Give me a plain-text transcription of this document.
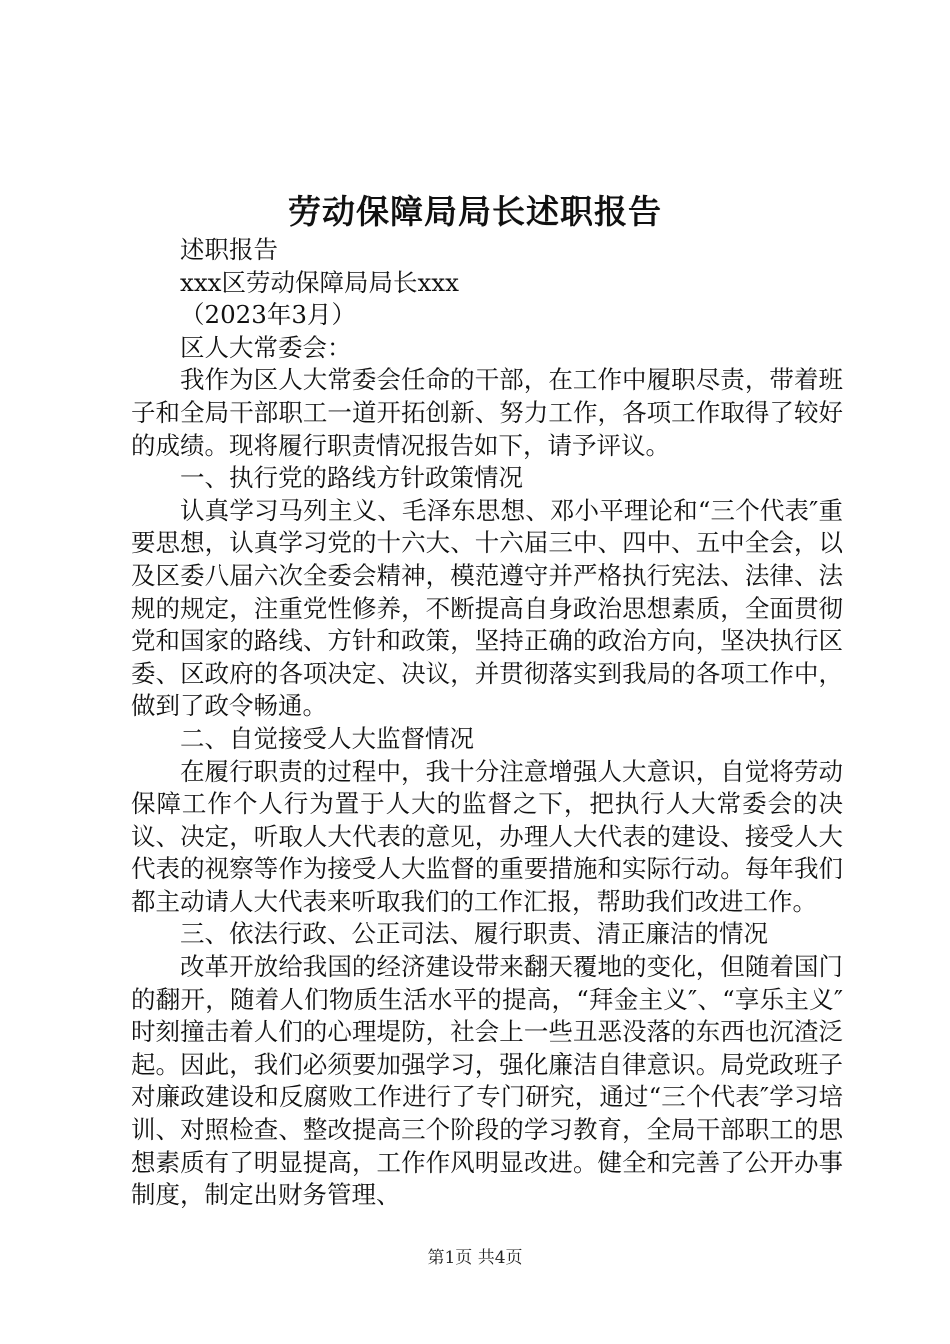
劳动保障局局长述职报告

述职报告

xxx区劳动保障局局长xxx

（2023年3月）

区人大常委会：

我作为区人大常委会任命的干部，在工作中履职尽责，带着班子和全局干部职工一道开拓创新、努力工作，各项工作取得了较好的成绩。现将履行职责情况报告如下，请予评议。

一、执行党的路线方针政策情况

认真学习马列主义、毛泽东思想、邓小平理论和“三个代表″重要思想，认真学习党的十六大、十六届三中、四中、五中全会，以及区委八届六次全委会精神，模范遵守并严格执行宪法、法律、法规的规定，注重党性修养，不断提高自身政治思想素质，全面贯彻党和国家的路线、方针和政策，坚持正确的政治方向，坚决执行区委、区政府的各项决定、决议，并贯彻落实到我局的各项工作中，做到了政令畅通。

二、自觉接受人大监督情况

在履行职责的过程中，我十分注意增强人大意识，自觉将劳动保障工作个人行为置于人大的监督之下，把执行人大常委会的决议、决定，听取人大代表的意见，办理人大代表的建设、接受人大代表的视察等作为接受人大监督的重要措施和实际行动。每年我们都主动请人大代表来听取我们的工作汇报，帮助我们改进工作。

三、依法行政、公正司法、履行职责、清正廉洁的情况

改革开放给我国的经济建设带来翻天覆地的变化，但随着国门的翻开，随着人们物质生活水平的提高，“拜金主义″、“享乐主义″时刻撞击着人们的心理堤防，社会上一些丑恶没落的东西也沉渣泛起。因此，我们必须要加强学习，强化廉洁自律意识。局党政班子对廉政建设和反腐败工作进行了专门研究，通过“三个代表″学习培训、对照检查、整改提高三个阶段的学习教育，全局干部职工的思想素质有了明显提高，工作作风明显改进。健全和完善了公开办事制度，制定出财务管理、

第1页 共4页
